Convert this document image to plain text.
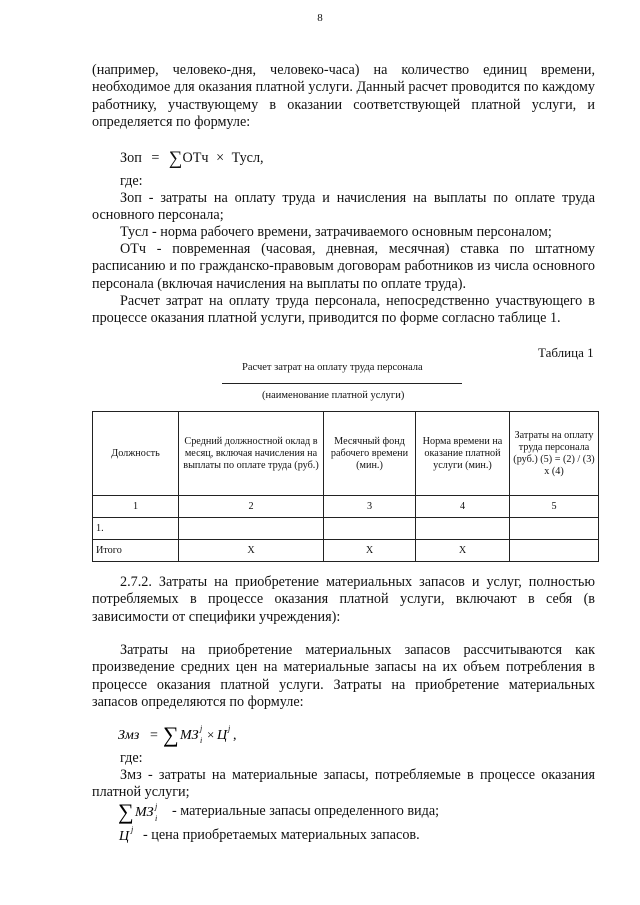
8

(например, человеко-дня, человеко-часа) на количество единиц времени, необходимое для оказания платной услуги. Данный расчет проводится по каждому работнику, участвующему в оказании соответствующей платной услуги, и определяется по формуле:

Зоп = ∑ОТч × Тусл,
где:

Зоп - затраты на оплату труда и начисления на выплаты по оплате труда основного персонала;

Тусл - норма рабочего времени, затрачиваемого основным персоналом;

ОТч - повременная (часовая, дневная, месячная) ставка по штатному расписанию и по гражданско-правовым договорам работников из числа основного персонала (включая начисления на выплаты по оплате труда).

Расчет затрат на оплату труда персонала, непосредственно участвующего в процессе оказания платной услуги, приводится по форме согласно таблице 1.

Таблица 1
Расчет затрат на оплату труда персонала
(наименование платной услуги)
Должность	Средний должностной оклад в месяц, включая начисления на выплаты по оплате труда (руб.)	Месячный фонд рабочего времени (мин.)	Норма времени на оказание платной услуги (мин.)	Затраты на оплату труда персонала (руб.) (5) = (2) / (3) x (4)
1	2	3	4	5
1.				
Итого	X	X	X	

2.7.2. Затраты на приобретение материальных запасов и услуг, полностью потребляемых в процессе оказания платной услуги, включают в себя (в зависимости от специфики учреждения):

Затраты на приобретение материальных запасов рассчитываются как произведение средних цен на материальные запасы на их объем потребления в процессе оказания платной услуги. Затраты на приобретение материальных запасов определяются по формуле:

Змз = ∑ МЗ j
i × Ц j ,
где:

Змз - затраты на материальные запасы, потребляемые в процессе оказания платной услуги;

∑ МЗ j
i - материальные запасы определенного вида;
Ц j - цена приобретаемых материальных запасов.
